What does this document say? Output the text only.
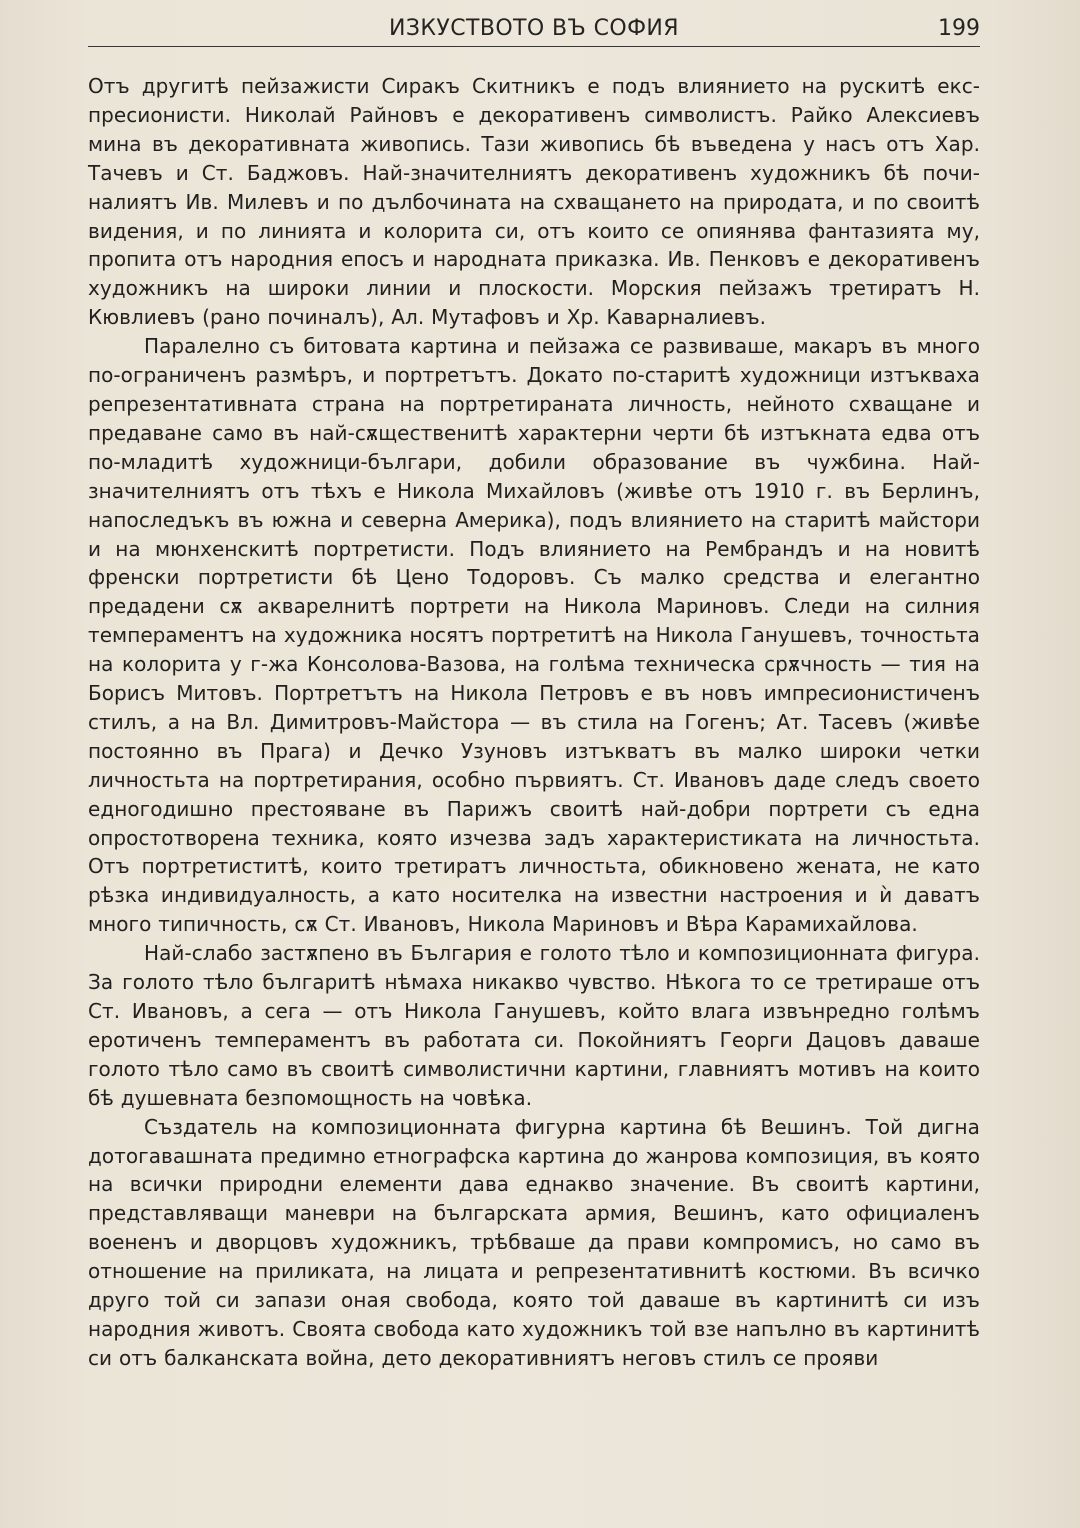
ИЗКУСТВОТО ВЪ СОФИЯ	199

Отъ другитѣ пейзажисти Сиракъ Скитникъ е подъ влиянието на рускитѣ експресионисти. Николай Райновъ е декоративенъ символистъ. Райко Алексиевъ мина въ декоративната живопись. Тази живопись бѣ въведена у насъ отъ Хар. Тачевъ и Ст. Баджовъ. Най-значителниятъ декоративенъ художникъ бѣ починалиятъ Ив. Милевъ и по дълбочината на схващането на природата, и по своитѣ видения, и по линията и колорита си, отъ които се опиянява фантазията му, пропита отъ народния епосъ и народната приказка. Ив. Пенковъ е декоративенъ художникъ на широки линии и плоскости. Морския пейзажъ третиратъ Н. Кювлиевъ (рано починалъ), Ал. Мутафовъ и Хр. Каварналиевъ.

Паралелно съ битовата картина и пейзажа се развиваше, макаръ въ много по-ограниченъ размѣръ, и портретътъ. Докато по-старитѣ художници изтъкваха репрезентативната страна на портретираната личность, нейното схващане и предаване само въ най-сѫщественитѣ характерни черти бѣ изтъкната едва отъ по-младитѣ художници-българи, добили образование въ чужбина. Най-значителниятъ отъ тѣхъ е Никола Михайловъ (живѣе отъ 1910 г. въ Берлинъ, напоследъкъ въ южна и северна Америка), подъ влиянието на старитѣ майстори и на мюнхенскитѣ портретисти. Подъ влиянието на Рембрандъ и на новитѣ френски портретисти бѣ Цено Тодоровъ. Съ малко средства и елегантно предадени сѫ акварелнитѣ портрети на Никола Мариновъ. Следи на силния темпераментъ на художника носятъ портретитѣ на Никола Ганушевъ, точностьта на колорита у г-жа Консолова-Вазова, на голѣма техническа срѫчность — тия на Борисъ Митовъ. Портретътъ на Никола Петровъ е въ новъ импресионистиченъ стилъ, а на Вл. Димитровъ-Майстора — въ стила на Гогенъ; Ат. Тасевъ (живѣе постоянно въ Прага) и Дечко Узуновъ изтъкватъ въ малко широки четки личностьта на портретирания, особно първиятъ. Ст. Ивановъ даде следъ своето едногодишно престояване въ Парижъ своитѣ най-добри портрети съ една опростотворена техника, която изчезва задъ характеристиката на личностьта. Отъ портретиститѣ, които третиратъ личностьта, обикновено жената, не като рѣзка индивидуалность, а като носителка на известни настроения и ѝ даватъ много типичность, сѫ Ст. Ивановъ, Никола Мариновъ и Вѣра Карамихайлова.

Най-слабо застѫпено въ България е голото тѣло и композиционната фигура. За голото тѣло българитѣ нѣмаха никакво чувство. Нѣкога то се третираше отъ Ст. Ивановъ, а сега — отъ Никола Ганушевъ, който влага извънредно голѣмъ еротиченъ темпераментъ въ работата си. Покойниятъ Георги Дацовъ даваше голото тѣло само въ своитѣ символистични картини, главниятъ мотивъ на които бѣ душевната безпомощность на човѣка.

Създатель на композиционната фигурна картина бѣ Вешинъ. Той дигна дотогавашната предимно етнографска картина до жанрова композиция, въ която на всички природни елементи дава еднакво значение. Въ своитѣ картини, представляващи маневри на българската армия, Вешинъ, като официаленъ воененъ и дворцовъ художникъ, трѣбваше да прави компромисъ, но само въ отношение на приликата, на лицата и репрезентативнитѣ костюми. Въ всичко друго той си запази оная свобода, която той даваше въ картинитѣ си изъ народния животъ. Своята свобода като художникъ той взе напълно въ картинитѣ си отъ балканската война, дето декоративниятъ неговъ стилъ се прояви
